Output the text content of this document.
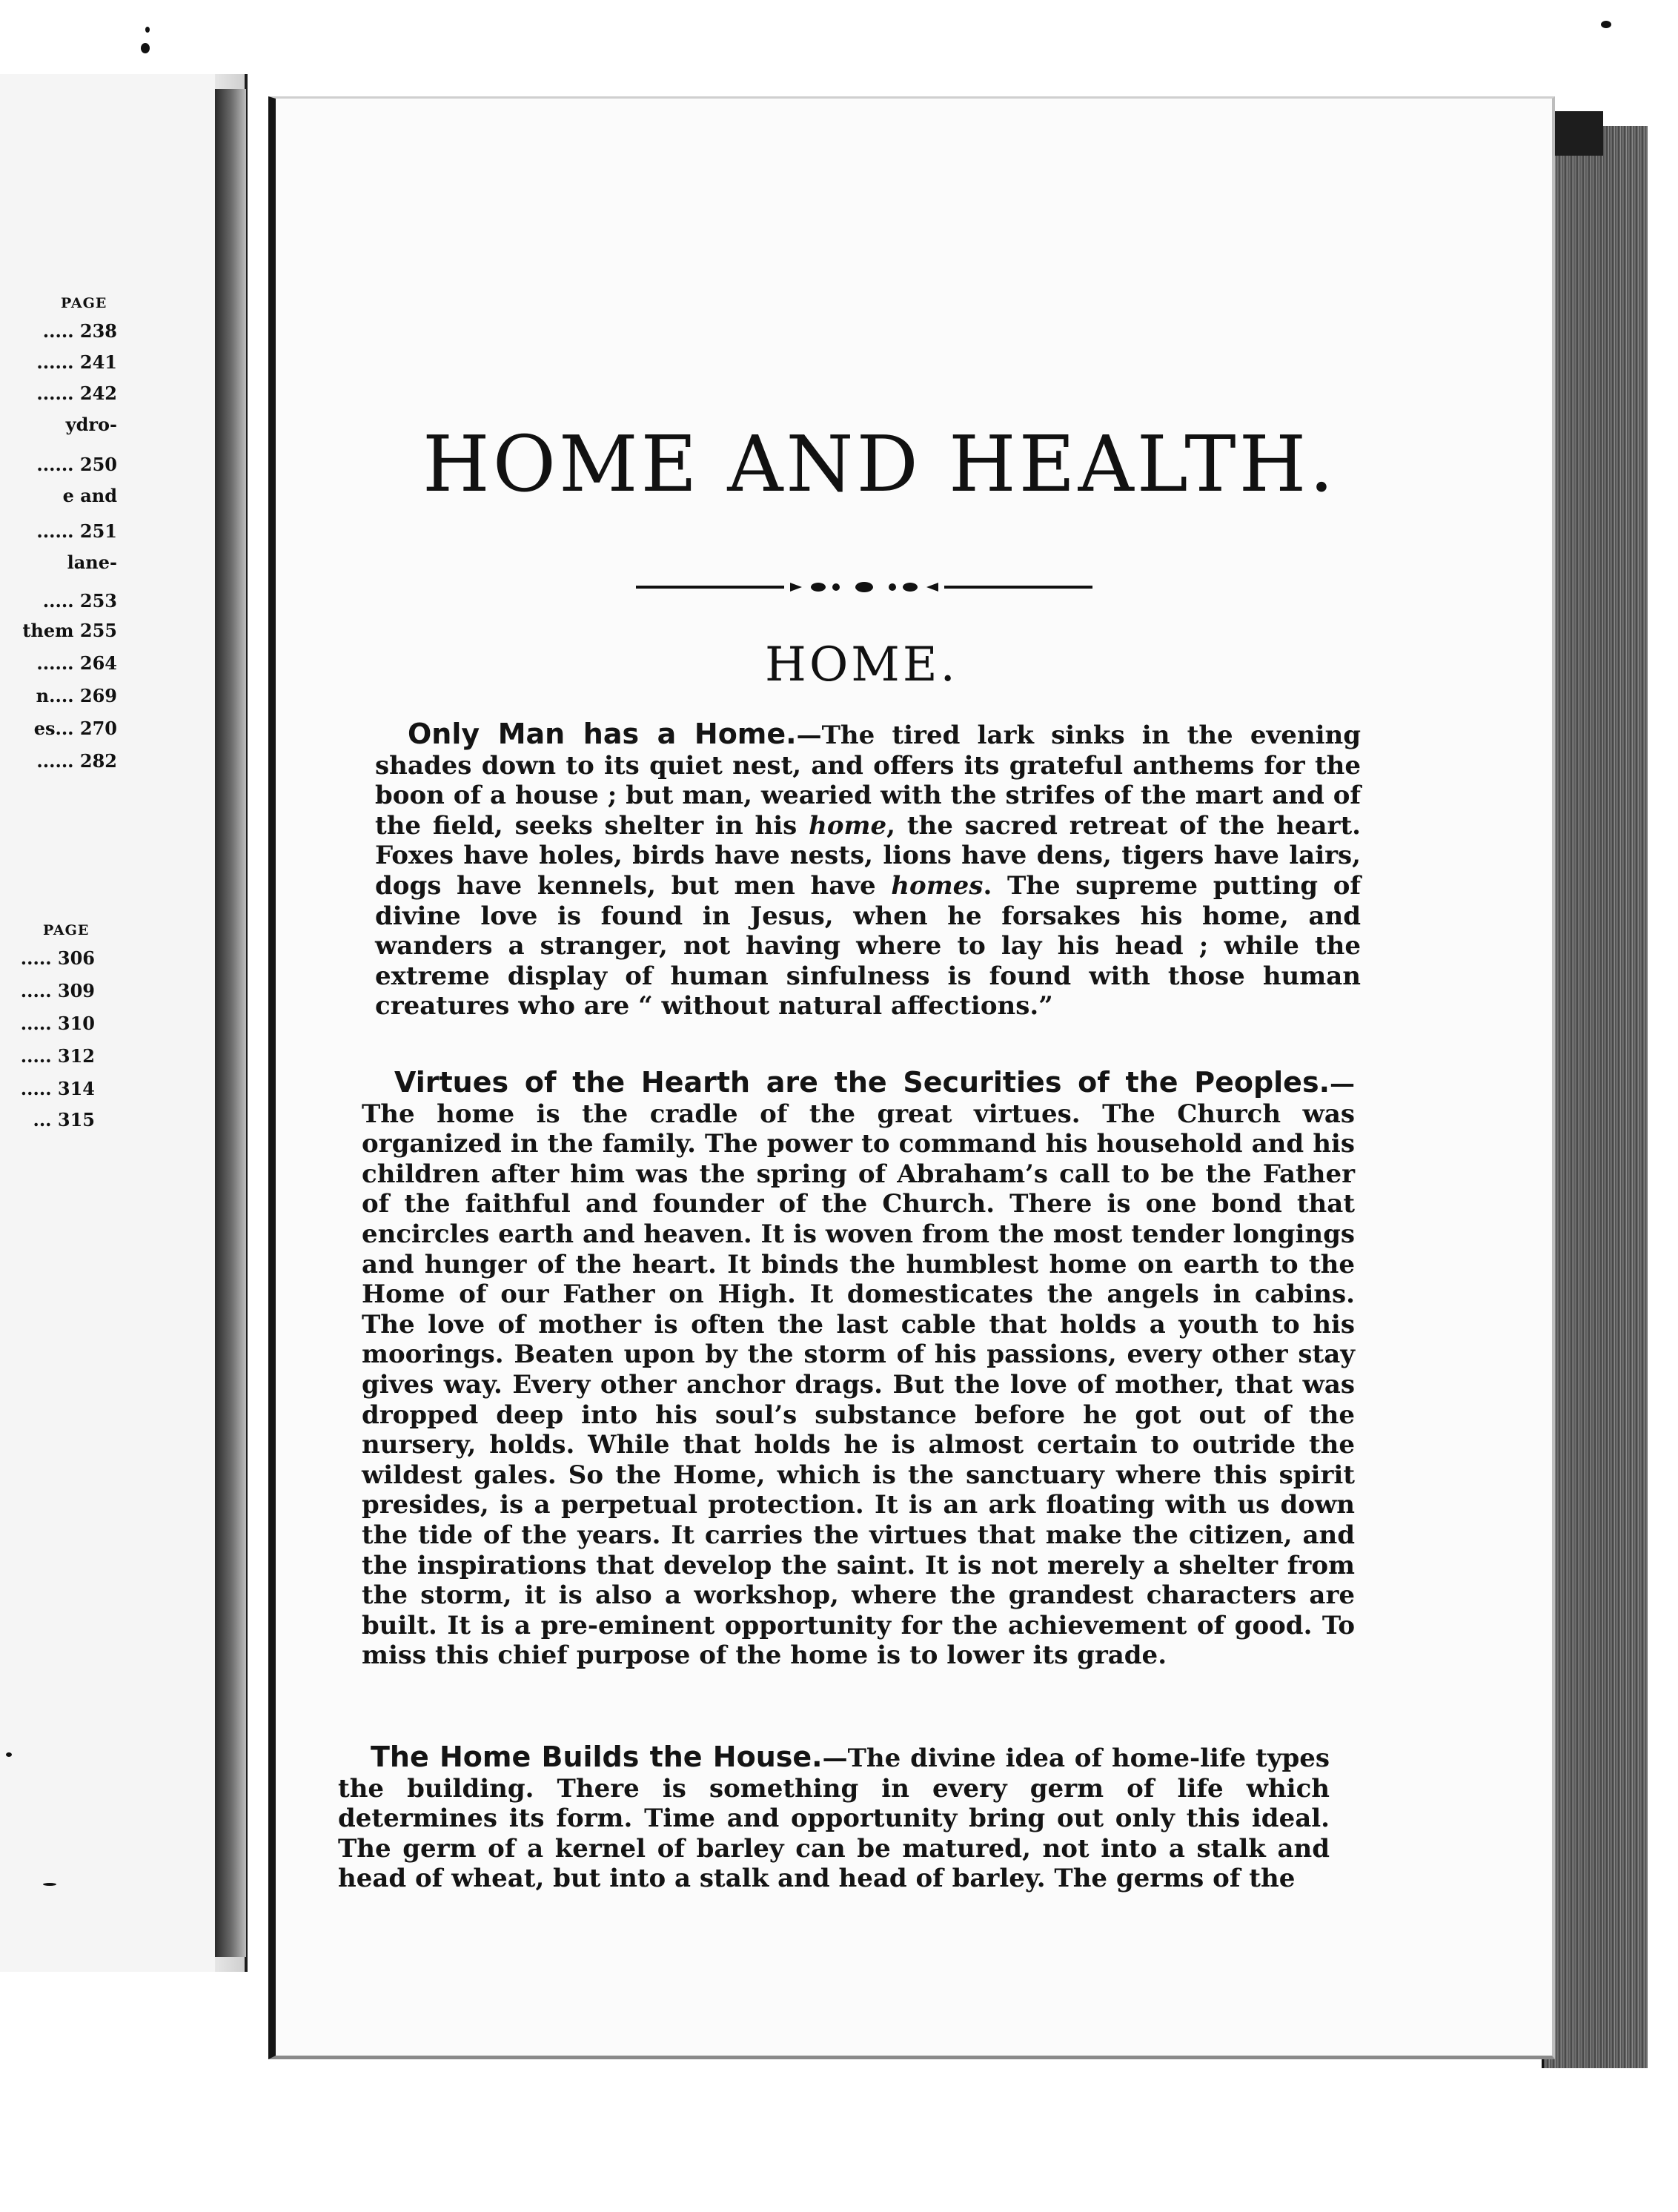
PAGE
..... 238
...... 241
...... 242
ydro-
...... 250
e and
...... 251
lane-
..... 253
them 255
...... 264
n.... 269
es... 270
...... 282
PAGE
..... 306
..... 309
..... 310
..... 312
..... 314
... 315
HOME AND HEALTH.
HOME.
Only Man has a Home.—The tired lark sinks in the evening shades down to its quiet nest, and offers its grateful anthems for the boon of a house ; but man, wearied with the strifes of the mart and of the field, seeks shelter in his home, the sacred retreat of the heart. Foxes have holes, birds have nests, lions have dens, tigers have lairs, dogs have kennels, but men have homes. The supreme putting of divine love is found in Jesus, when he forsakes his home, and wanders a stranger, not having where to lay his head ; while the extreme display of human sinfulness is found with those human creatures who are “ without natural affections.”
Virtues of the Hearth are the Securities of the Peoples.— The home is the cradle of the great virtues. The Church was organized in the family. The power to command his household and his children after him was the spring of Abraham’s call to be the Father of the faithful and founder of the Church. There is one bond that encircles earth and heaven. It is woven from the most tender longings and hunger of the heart. It binds the humblest home on earth to the Home of our Father on High. It domesticates the angels in cabins. The love of mother is often the last cable that holds a youth to his moorings. Beaten upon by the storm of his passions, every other stay gives way. Every other anchor drags. But the love of mother, that was dropped deep into his soul’s substance before he got out of the nursery, holds. While that holds he is almost certain to outride the wildest gales. So the Home, which is the sanctuary where this spirit presides, is a perpetual protection. It is an ark floating with us down the tide of the years. It carries the virtues that make the citizen, and the inspirations that develop the saint. It is not merely a shelter from the storm, it is also a workshop, where the grandest characters are built. It is a pre-eminent opportunity for the achievement of good. To miss this chief purpose of the home is to lower its grade.
The Home Builds the House.—The divine idea of home-life types the building. There is something in every germ of life which determines its form. Time and opportunity bring out only this ideal. The germ of a kernel of barley can be matured, not into a stalk and head of wheat, but into a stalk and head of barley. The germs of the
